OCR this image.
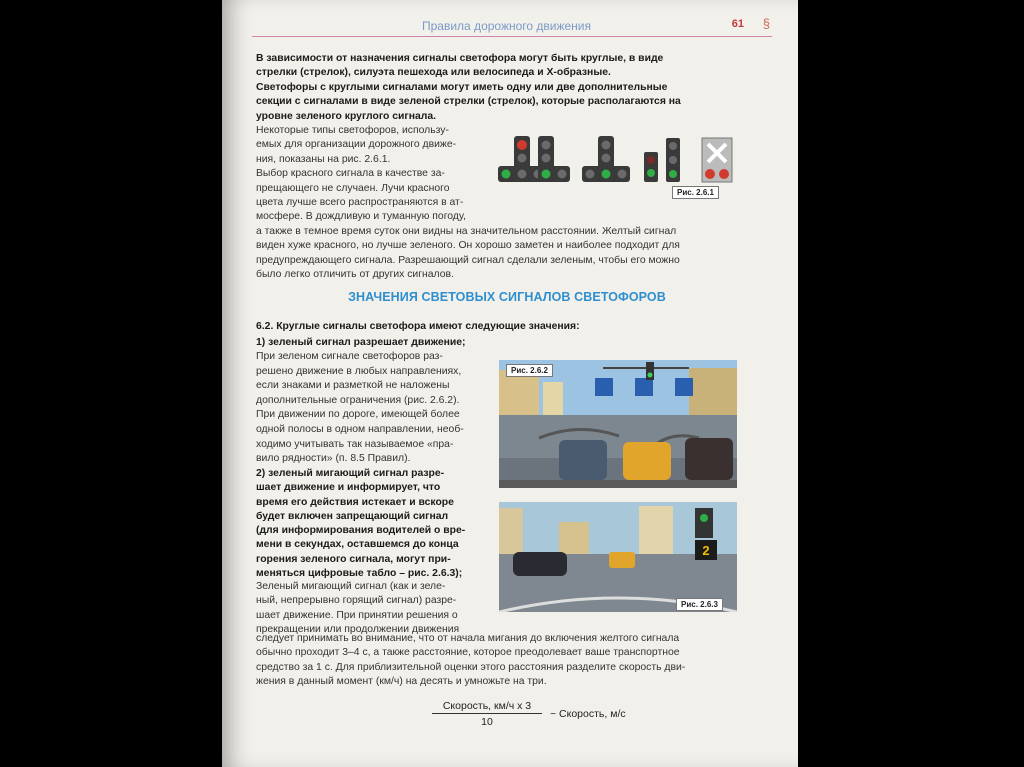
Правила дорожного движения	61 §

В зависимости от назначения сигналы светофора могут быть круглые, в виде

стрелки (стрелок), силуэта пешехода или велосипеда и Х-образные.

Светофоры с круглыми сигналами могут иметь одну или две дополнительные

секции с сигналами в виде зеленой стрелки (стрелок), которые располагаются на

уровне зеленого круглого сигнала.

Некоторые типы светофоров, использу-

емых для организации дорожного движе-

ния, показаны на рис. 2.6.1.

Выбор красного сигнала в качестве за-

прещающего не случаен. Лучи красного

цвета лучше всего распространяются в ат-

мосфере. В дождливую и туманную погоду,

а также в темное время суток они видны на значительном расстоянии. Желтый сигнал

виден хуже красного, но лучше зеленого. Он хорошо заметен и наиболее подходит для

предупреждающего сигнала. Разрешающий сигнал сделали зеленым, чтобы его можно

было легко отличить от других сигналов.

Рис. 2.6.1
ЗНАЧЕНИЯ СВЕТОВЫХ СИГНАЛОВ СВЕТОФОРОВ
6.2. Круглые сигналы светофора имеют следующие значения:
1) зеленый сигнал разрешает движение;

При зеленом сигнале светофоров раз-

решено движение в любых направлениях,

если знаками и разметкой не наложены

дополнительные ограничения (рис. 2.6.2).

При движении по дороге, имеющей более

одной полосы в одном направлении, необ-

ходимо учитывать так называемое «пра-

вило рядности» (п. 8.5 Правил).

2) зеленый мигающий сигнал разре-

шает движение и информирует, что

время его действия истекает и вскоре

будет включен запрещающий сигнал

(для информирования водителей о вре-

мени в секундах, оставшемся до конца

горения зеленого сигнала, могут при-

меняться цифровые табло – рис. 2.6.3);

Зеленый мигающий сигнал (как и зеле-

ный, непрерывно горящий сигнал) разре-

шает движение. При принятии решения о

прекращении или продолжении движения

следует принимать во внимание, что от начала мигания до включения желтого сигнала

обычно проходит 3–4 с, а также расстояние, которое преодолевает ваше транспортное

средство за 1 с. Для приблизительной оценки этого расстояния разделите скорость дви-

жения в данный момент (км/ч) на десять и умножьте на три.

Рис. 2.6.2
2
Рис. 2.6.3
Скорость, км/ч х 3
10
~ Скорость, м/с
